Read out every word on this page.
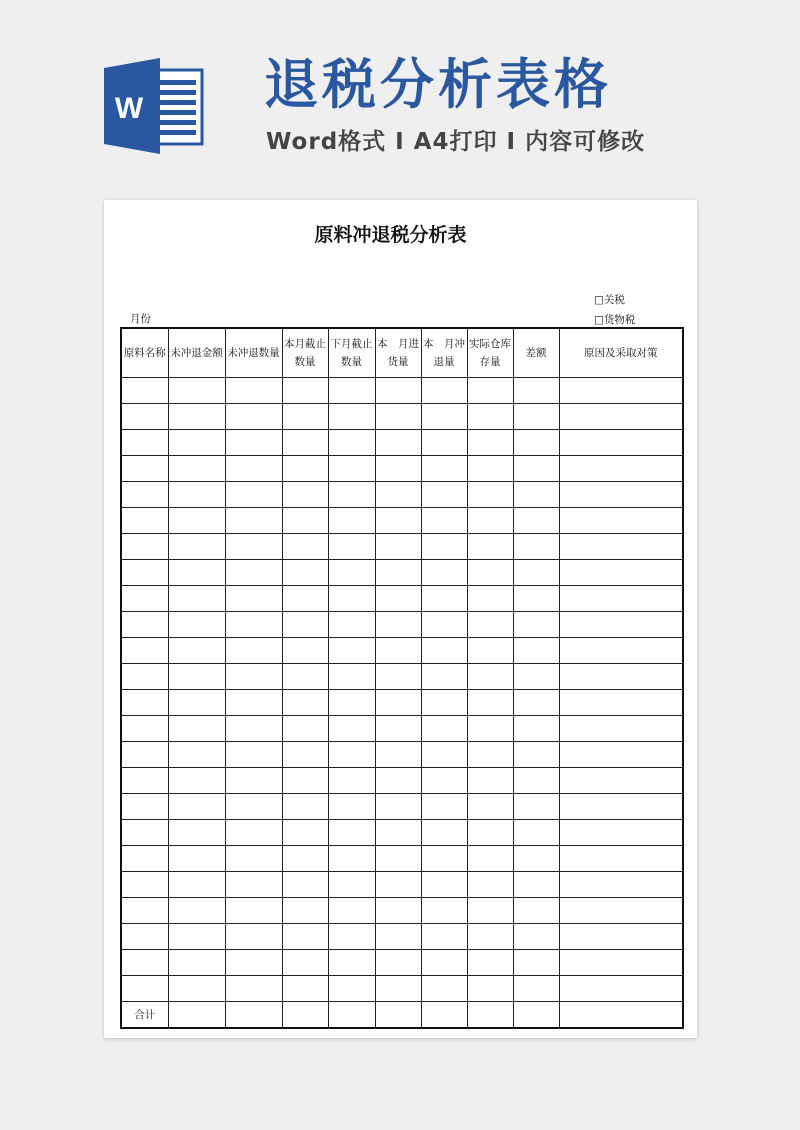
W 退税分析表格
Word格式 I A4打印 I 内容可修改
原料冲退税分析表
□关税
□货物税
月份
原料名称	未冲退金额	未冲退数量	本月截止数量	下月截止数量	本　月进货量	本　月冲退量	实际仓库存量	差额	原因及采取对策

合计									
